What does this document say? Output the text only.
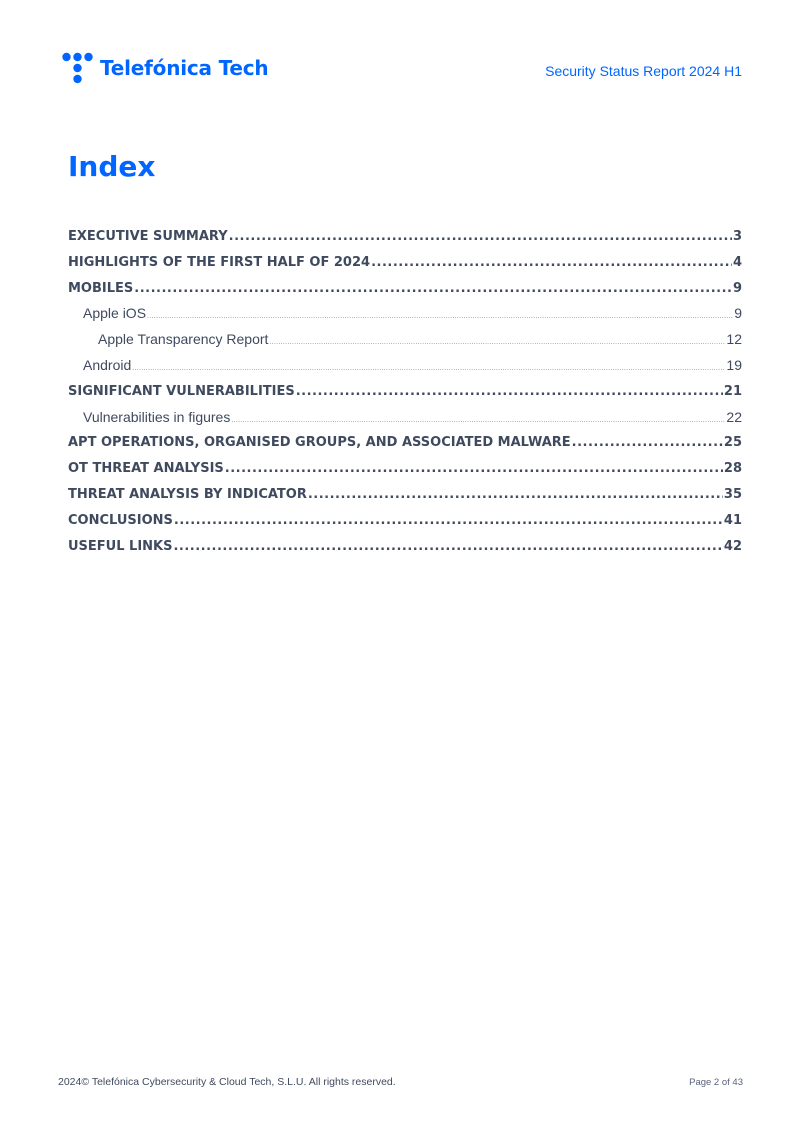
Telefónica Tech	Security Status Report 2024 H1
Index
EXECUTIVE SUMMARY .....	3
HIGHLIGHTS OF THE FIRST HALF OF 2024 .....	4
MOBILES .....	9
Apple iOS .....	9
Apple Transparency Report .....	12
Android .....	19
SIGNIFICANT VULNERABILITIES .....	21
Vulnerabilities in figures .....	22
APT OPERATIONS, ORGANISED GROUPS, AND ASSOCIATED MALWARE .....	25
OT THREAT ANALYSIS .....	28
THREAT ANALYSIS BY INDICATOR .....	35
CONCLUSIONS .....	41
USEFUL LINKS .....	42
2024© Telefónica Cybersecurity & Cloud Tech, S.L.U. All rights reserved.	Page 2 of 43
